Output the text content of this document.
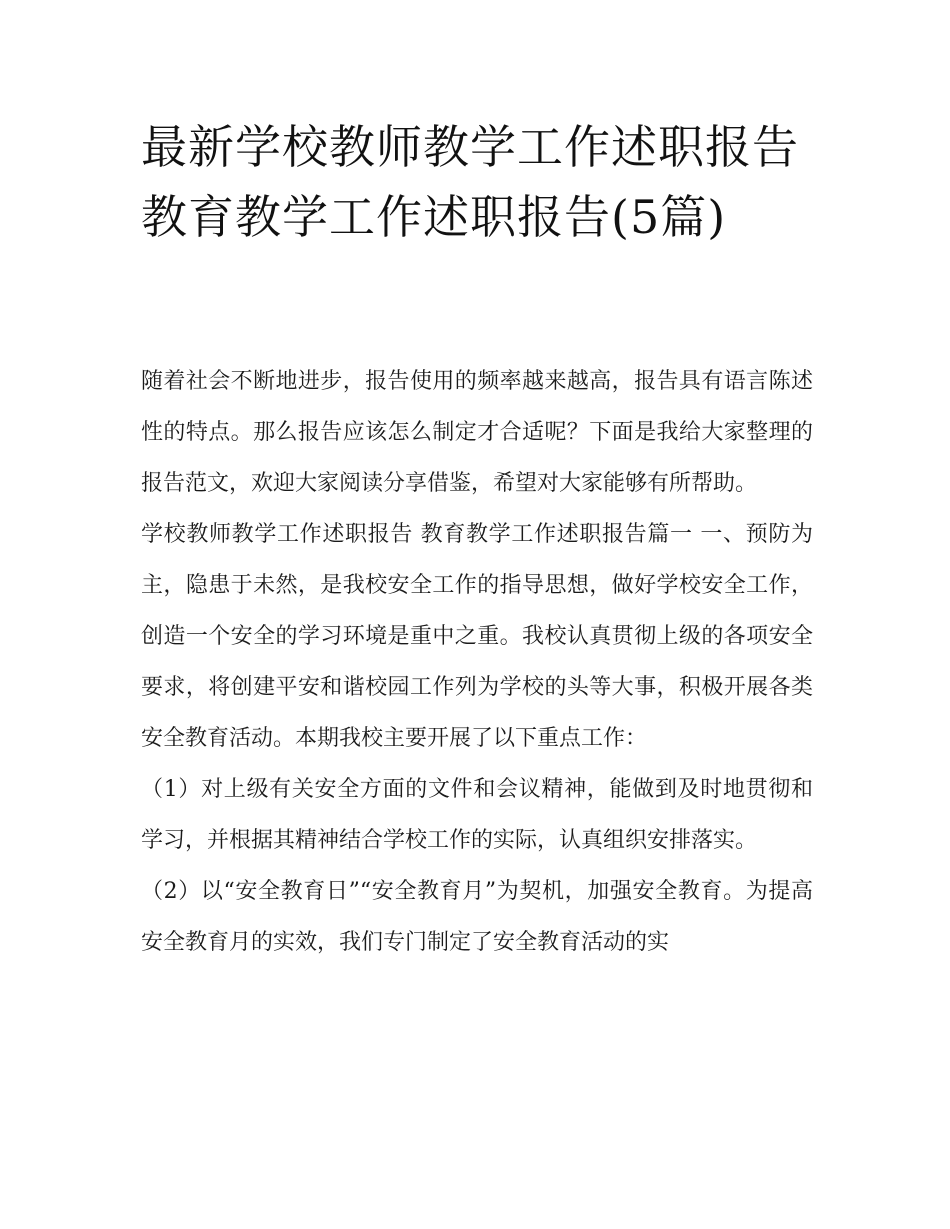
最新学校教师教学工作述职报告 教育教学工作述职报告(5篇)

随着社会不断地进步，报告使用的频率越来越高，报告具有语言陈述性的特点。那么报告应该怎么制定才合适呢？下面是我给大家整理的报告范文，欢迎大家阅读分享借鉴，希望对大家能够有所帮助。

学校教师教学工作述职报告 教育教学工作述职报告篇一 一、预防为主，隐患于未然，是我校安全工作的指导思想，做好学校安全工作，创造一个安全的学习环境是重中之重。我校认真贯彻上级的各项安全要求，将创建平安和谐校园工作列为学校的头等大事，积极开展各类安全教育活动。本期我校主要开展了以下重点工作：

（1）对上级有关安全方面的文件和会议精神，能做到及时地贯彻和学习，并根据其精神结合学校工作的实际，认真组织安排落实。

（2）以“安全教育日”“安全教育月”为契机，加强安全教育。为提高安全教育月的实效，我们专门制定了安全教育活动的实
